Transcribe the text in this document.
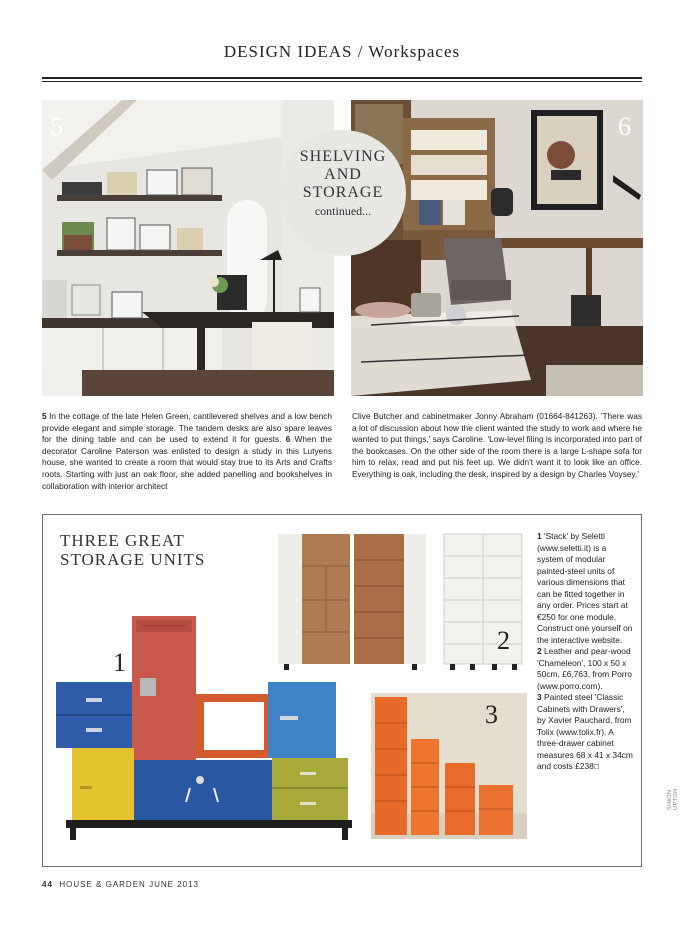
DESIGN IDEAS / Workspaces
5	6
SHELVING
AND
STORAGE
continued...
5 In the cottage of the late Helen Green, cantilevered shelves and a low bench provide elegant and simple storage. The tandem desks are also spare leaves for the dining table and can be used to extend it for guests. 6 When the decorator Caroline Paterson was enlisted to design a study in this Lutyens house, she wanted to create a room that would stay true to its Arts and Crafts roots. Starting with just an oak floor, she added panelling and bookshelves in collaboration with interior architect
Clive Butcher and cabinetmaker Jonny Abraham (01664-841263). 'There was a lot of discussion about how the client wanted the study to work and where he wanted to put things,' says Caroline. 'Low-level filing is incorporated into part of the bookcases. On the other side of the room there is a large L-shape sofa for him to relax, read and put his feet up. We didn't want it to look like an office. Everything is oak, including the desk, inspired by a design by Charles Voysey.'
THREE GREAT
STORAGE UNITS
1
2
3
1 'Stack' by Seletti (www.seletti.it) is a system of modular painted-steel units of various dimensions that can be fitted together in any order. Prices start at €250 for one module. Construct one yourself on the interactive website.
2 Leather and pear-wood 'Chameleon', 100 x 50 x 50cm, £6,763, from Porro (www.porro.com).
3 Painted steel 'Classic Cabinets with Drawers', by Xavier Pauchard, from Tolix (www.tolix.fr). A three-drawer cabinet measures 68 x 41 x 34cm and costs £238□
44 HOUSE & GARDEN JUNE 2013
SIMON UPTON
